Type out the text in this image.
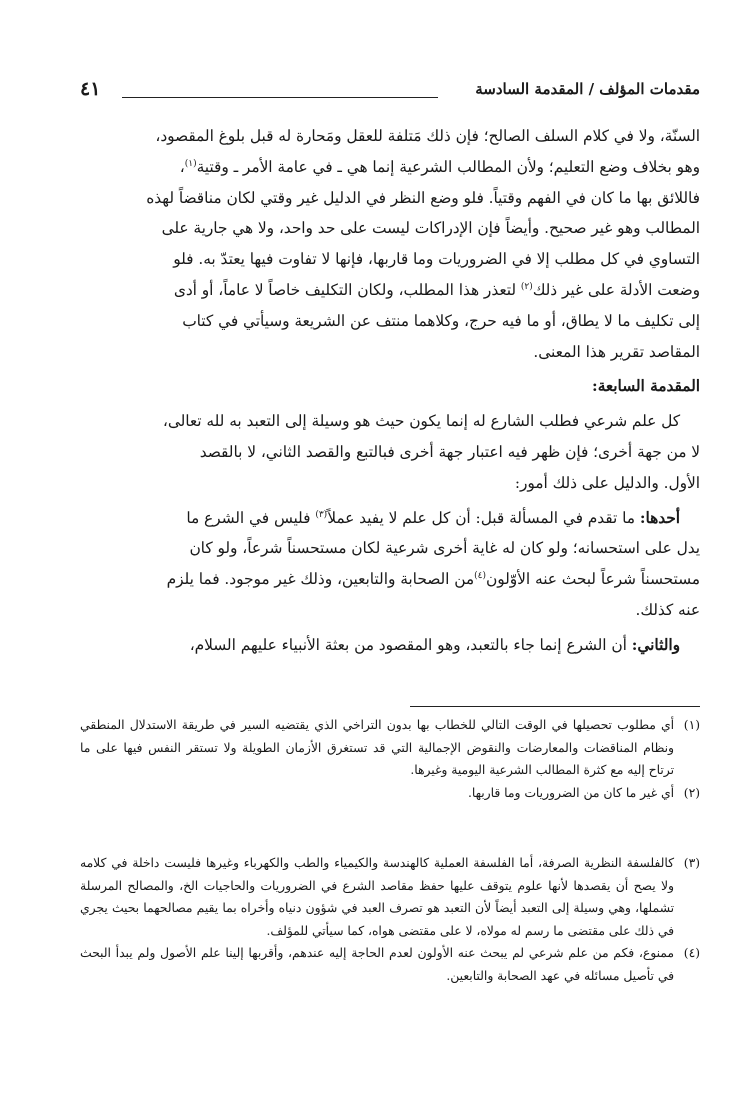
مقدمات المؤلف / المقدمة السادسة
٤١

السنّة، ولا في كلام السلف الصالح؛ فإن ذلك مَتلفة للعقل ومَحارة له قبل بلوغ المقصود،

وهو بخلاف وضع التعليم؛ ولأن المطالب الشرعية إنما هي ـ في عامة الأمر ـ وقتية$^{(١)}$،

فاللائق بها ما كان في الفهم وقتياً. فلو وضع النظر في الدليل غير وقتي لكان مناقضاً لهذه

المطالب وهو غير صحيح. وأيضاً فإن الإدراكات ليست على حد واحد، ولا هي جارية على

التساوي في كل مطلب إلا في الضروريات وما قاربها، فإنها لا تفاوت فيها يعتدّ به. فلو

وضعت الأدلة على غير ذلك$^{(٢)}$ لتعذر هذا المطلب، ولكان التكليف خاصاً لا عاماً، أو أدى

إلى تكليف ما لا يطاق، أو ما فيه حرج، وكلاهما منتف عن الشريعة وسيأتي في كتاب

المقاصد تقرير هذا المعنى.

المقدمة السابعة:

كل علم شرعي فطلب الشارع له إنما يكون حيث هو وسيلة إلى التعبد به لله تعالى،

لا من جهة أخرى؛ فإن ظهر فيه اعتبار جهة أخرى فبالتبع والقصد الثاني، لا بالقصد

الأول. والدليل على ذلك أمور:

أحدها: ما تقدم في المسألة قبل: أن كل علم لا يفيد عملاً$^{(٣)}$ فليس في الشرع ما

يدل على استحسانه؛ ولو كان له غاية أخرى شرعية لكان مستحسناً شرعاً، ولو كان

مستحسناً شرعاً لبحث عنه الأوّلون$^{(٤)}$من الصحابة والتابعين، وذلك غير موجود. فما يلزم

عنه كذلك.

والثاني: أن الشرع إنما جاء بالتعبد، وهو المقصود من بعثة الأنبياء عليهم السلام،

(١)
أي مطلوب تحصيلها في الوقت التالي للخطاب بها بدون التراخي الذي يقتضيه السير في طريقة الاستدلال المنطقي ونظام المناقضات والمعارضات والنقوض الإجمالية التي قد تستغرق الأزمان الطويلة ولا تستقر النفس فيها على ما ترتاح إليه مع كثرة المطالب الشرعية اليومية وغيرها.
(٢)
أي غير ما كان من الضروريات وما قاربها.
(٣)
كالفلسفة النظرية الصرفة، أما الفلسفة العملية كالهندسة والكيمياء والطب والكهرباء وغيرها فليست داخلة في كلامه ولا يصح أن يقصدها لأنها علوم يتوقف عليها حفظ مقاصد الشرع في الضروريات والحاجيات الخ، والمصالح المرسلة تشملها، وهي وسيلة إلى التعبد أيضاً لأن التعبد هو تصرف العبد في شؤون دنياه وأخراه بما يقيم مصالحهما بحيث يجري في ذلك على مقتضى ما رسم له مولاه، لا على مقتضى هواه، كما سيأتي للمؤلف.
(٤)
ممنوع، فكم من علم شرعي لم يبحث عنه الأولون لعدم الحاجة إليه عندهم، وأقربها إلينا علم الأصول ولم يبدأ البحث في تأصيل مسائله في عهد الصحابة والتابعين.
